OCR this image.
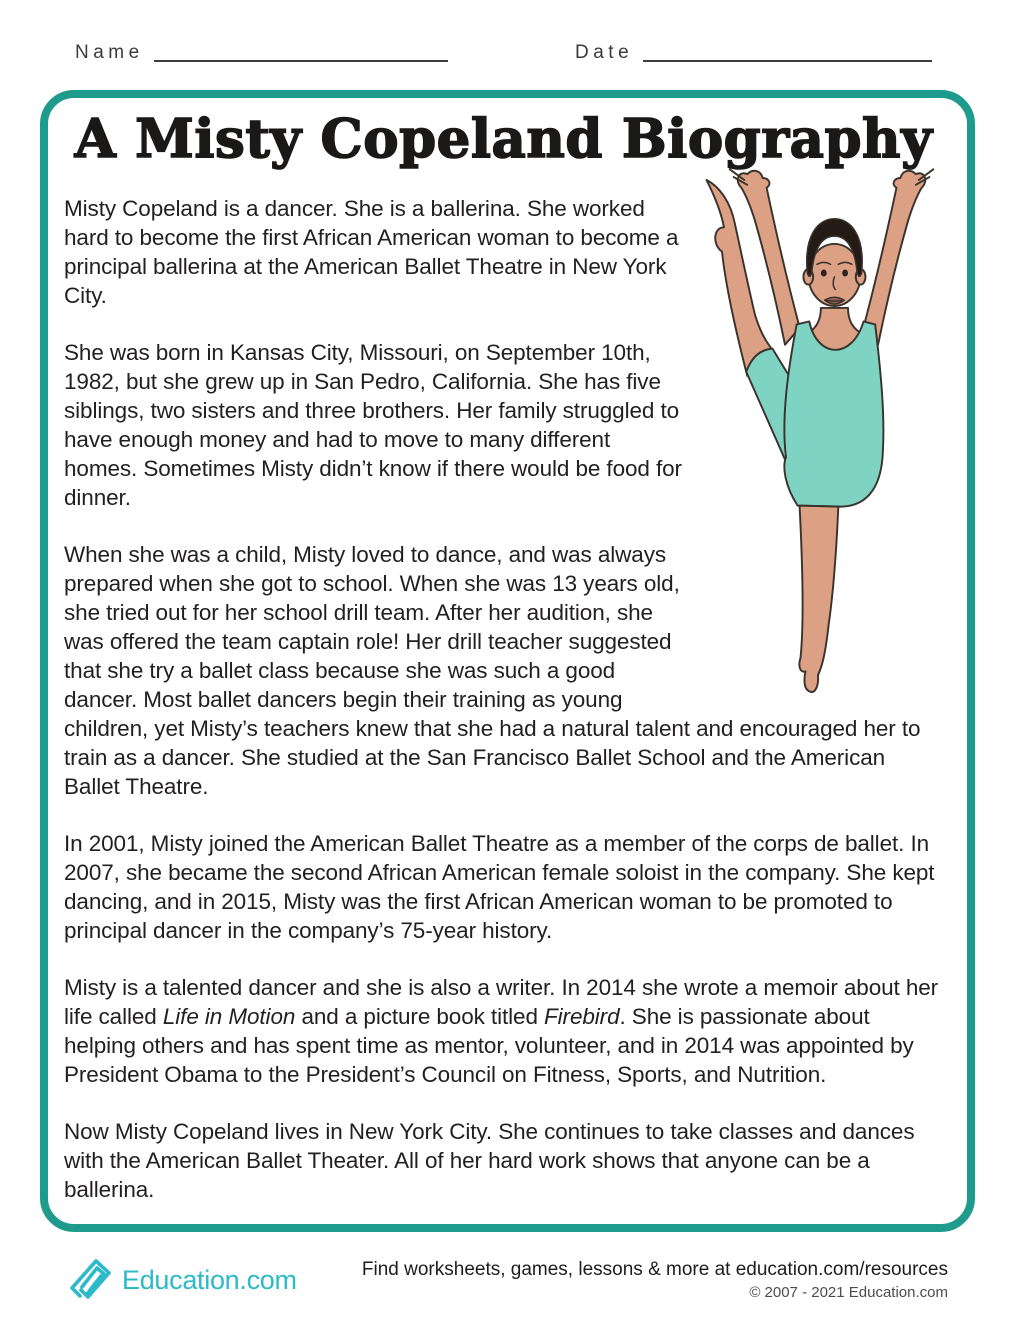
Name	Date
A Misty Copeland Biography

Misty Copeland is a dancer. She is a ballerina. She worked hard to become the first African American woman to become a principal ballerina at the American Ballet Theatre in New York City.

She was born in Kansas City, Missouri, on September 10th, 1982, but she grew up in San Pedro, California. She has five siblings, two sisters and three brothers. Her family struggled to have enough money and had to move to many different homes. Sometimes Misty didn’t know if there would be food for dinner.

When she was a child, Misty loved to dance, and was always prepared when she got to school. When she was 13 years old, she tried out for her school drill team. After her audition, she was offered the team captain role! Her drill teacher suggested that she try a ballet class because she was such a good dancer. Most ballet dancers begin their training as young children, yet Misty’s teachers knew that she had a natural talent and encouraged her to train as a dancer. She studied at the San Francisco Ballet School and the American Ballet Theatre.

In 2001, Misty joined the American Ballet Theatre as a member of the corps de ballet. In 2007, she became the second African American female soloist in the company. She kept dancing, and in 2015, Misty was the first African American woman to be promoted to principal dancer in the company’s 75-year history.

Misty is a talented dancer and she is also a writer. In 2014 she wrote a memoir about her life called Life in Motion and a picture book titled Firebird. She is passionate about helping others and has spent time as mentor, volunteer, and in 2014 was appointed by President Obama to the President’s Council on Fitness, Sports, and Nutrition.

Now Misty Copeland lives in New York City. She continues to take classes and dances with the American Ballet Theater. All of her hard work shows that anyone can be a ballerina.

Education.com	Find worksheets, games, lessons & more at education.com/resources
© 2007 - 2021 Education.com
